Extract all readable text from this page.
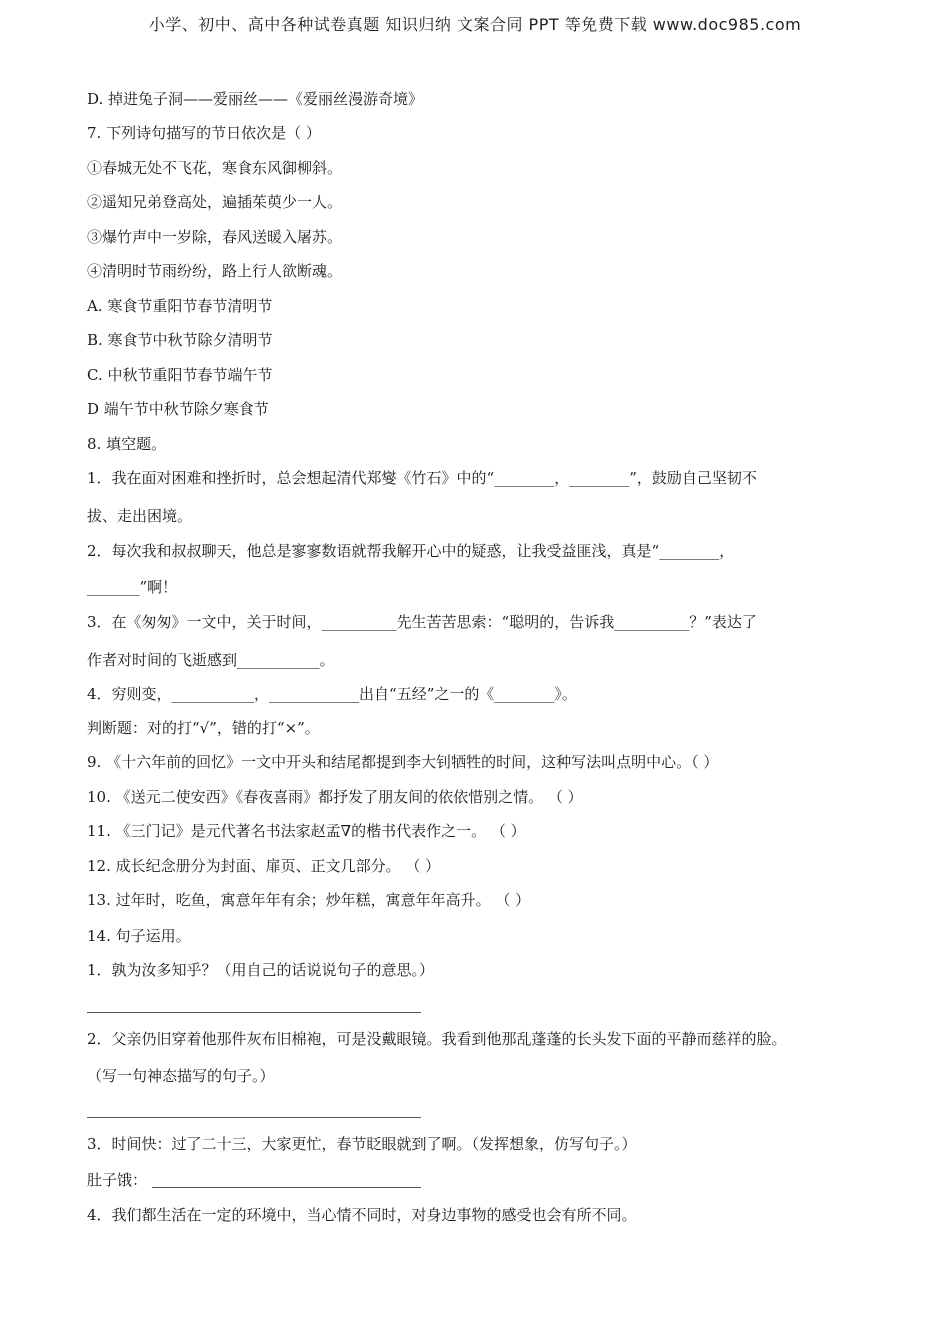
小学、初中、高中各种试卷真题 知识归纳 文案合同 PPT 等免费下载 www.doc985.com
D. 掉进兔子洞——爱丽丝——《爱丽丝漫游奇境》
7. 下列诗句描写的节日依次是（ ）
①春城无处不飞花，寒食东风御柳斜。
②遥知兄弟登高处，遍插茱萸少一人。
③爆竹声中一岁除，春风送暖入屠苏。
④清明时节雨纷纷，路上行人欲断魂。
A. 寒食节重阳节春节清明节
B. 寒食节中秋节除夕清明节
C. 中秋节重阳节春节端午节
D 端午节中秋节除夕寒食节
8. 填空题。
1．我在面对困难和挫折时，总会想起清代郑燮《竹石》中的“________，________”，鼓励自己坚韧不
拔、走出困境。
2．每次我和叔叔聊天，他总是寥寥数语就帮我解开心中的疑惑，让我受益匪浅，真是“________，
_______”啊！
3．在《匆匆》一文中，关于时间，__________先生苦苦思索：“聪明的，告诉我__________？”表达了
作者对时间的飞逝感到___________。
4．穷则变，___________，____________出自“五经”之一的《________》。
判断题：对的打“√”，错的打“×”。
9. 《十六年前的回忆》一文中开头和结尾都提到李大钊牺牲的时间，这种写法叫点明中心。（ ）
10. 《送元二使安西》《春夜喜雨》都抒发了朋友间的依依惜别之情。 （ ）
11. 《三门记》是元代著名书法家赵孟∇的楷书代表作之一。 （ ）
12. 成长纪念册分为封面、扉页、正文几部分。 （ ）
13. 过年时，吃鱼，寓意年年有余；炒年糕，寓意年年高升。 （ ）
14. 句子运用。
1．孰为汝多知乎？（用自己的话说说句子的意思。）
2．父亲仍旧穿着他那件灰布旧棉袍，可是没戴眼镜。我看到他那乱蓬蓬的长头发下面的平静而慈祥的脸。
（写一句神态描写的句子。）
3．时间快：过了二十三，大家更忙，春节眨眼就到了啊。（发挥想象，仿写句子。）
肚子饿：
4．我们都生活在一定的环境中，当心情不同时，对身边事物的感受也会有所不同。
